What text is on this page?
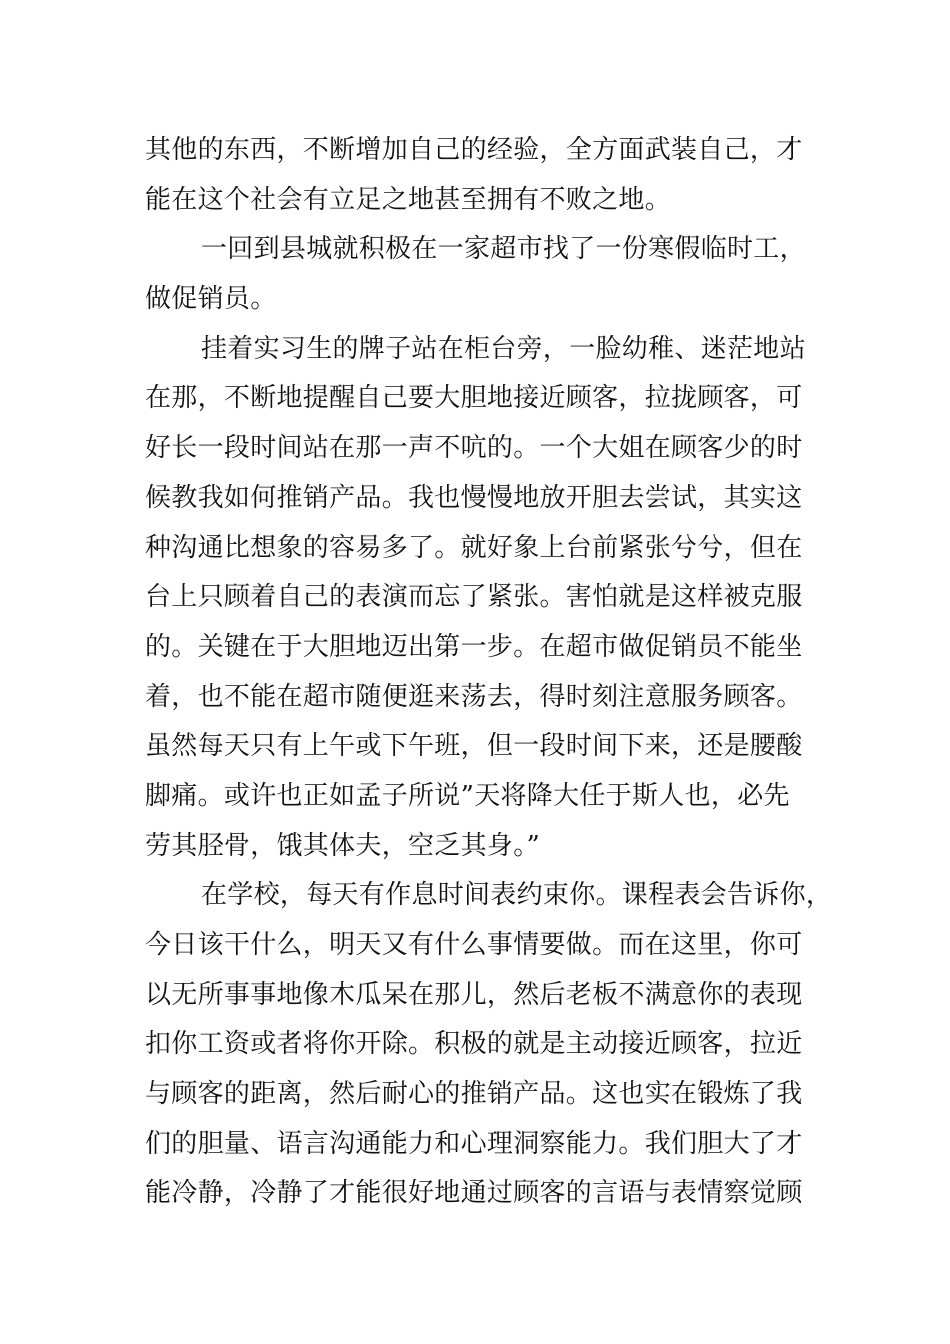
其他的东西，不断增加自己的经验，全方面武装自己，才
能在这个社会有立足之地甚至拥有不败之地。
一回到县城就积极在一家超市找了一份寒假临时工，
做促销员。
挂着实习生的牌子站在柜台旁，一脸幼稚、迷茫地站
在那，不断地提醒自己要大胆地接近顾客，拉拢顾客，可
好长一段时间站在那一声不吭的。一个大姐在顾客少的时
候教我如何推销产品。我也慢慢地放开胆去尝试，其实这
种沟通比想象的容易多了。就好象上台前紧张兮兮，但在
台上只顾着自己的表演而忘了紧张。害怕就是这样被克服
的。关键在于大胆地迈出第一步。在超市做促销员不能坐
着，也不能在超市随便逛来荡去，得时刻注意服务顾客。
虽然每天只有上午或下午班，但一段时间下来，还是腰酸
脚痛。或许也正如孟子所说”天将降大任于斯人也，必先
劳其胫骨，饿其体夫，空乏其身。”
在学校，每天有作息时间表约束你。课程表会告诉你，
今日该干什么，明天又有什么事情要做。而在这里，你可
以无所事事地像木瓜呆在那儿，然后老板不满意你的表现
扣你工资或者将你开除。积极的就是主动接近顾客，拉近
与顾客的距离，然后耐心的推销产品。这也实在锻炼了我
们的胆量、语言沟通能力和心理洞察能力。我们胆大了才
能冷静，冷静了才能很好地通过顾客的言语与表情察觉顾
